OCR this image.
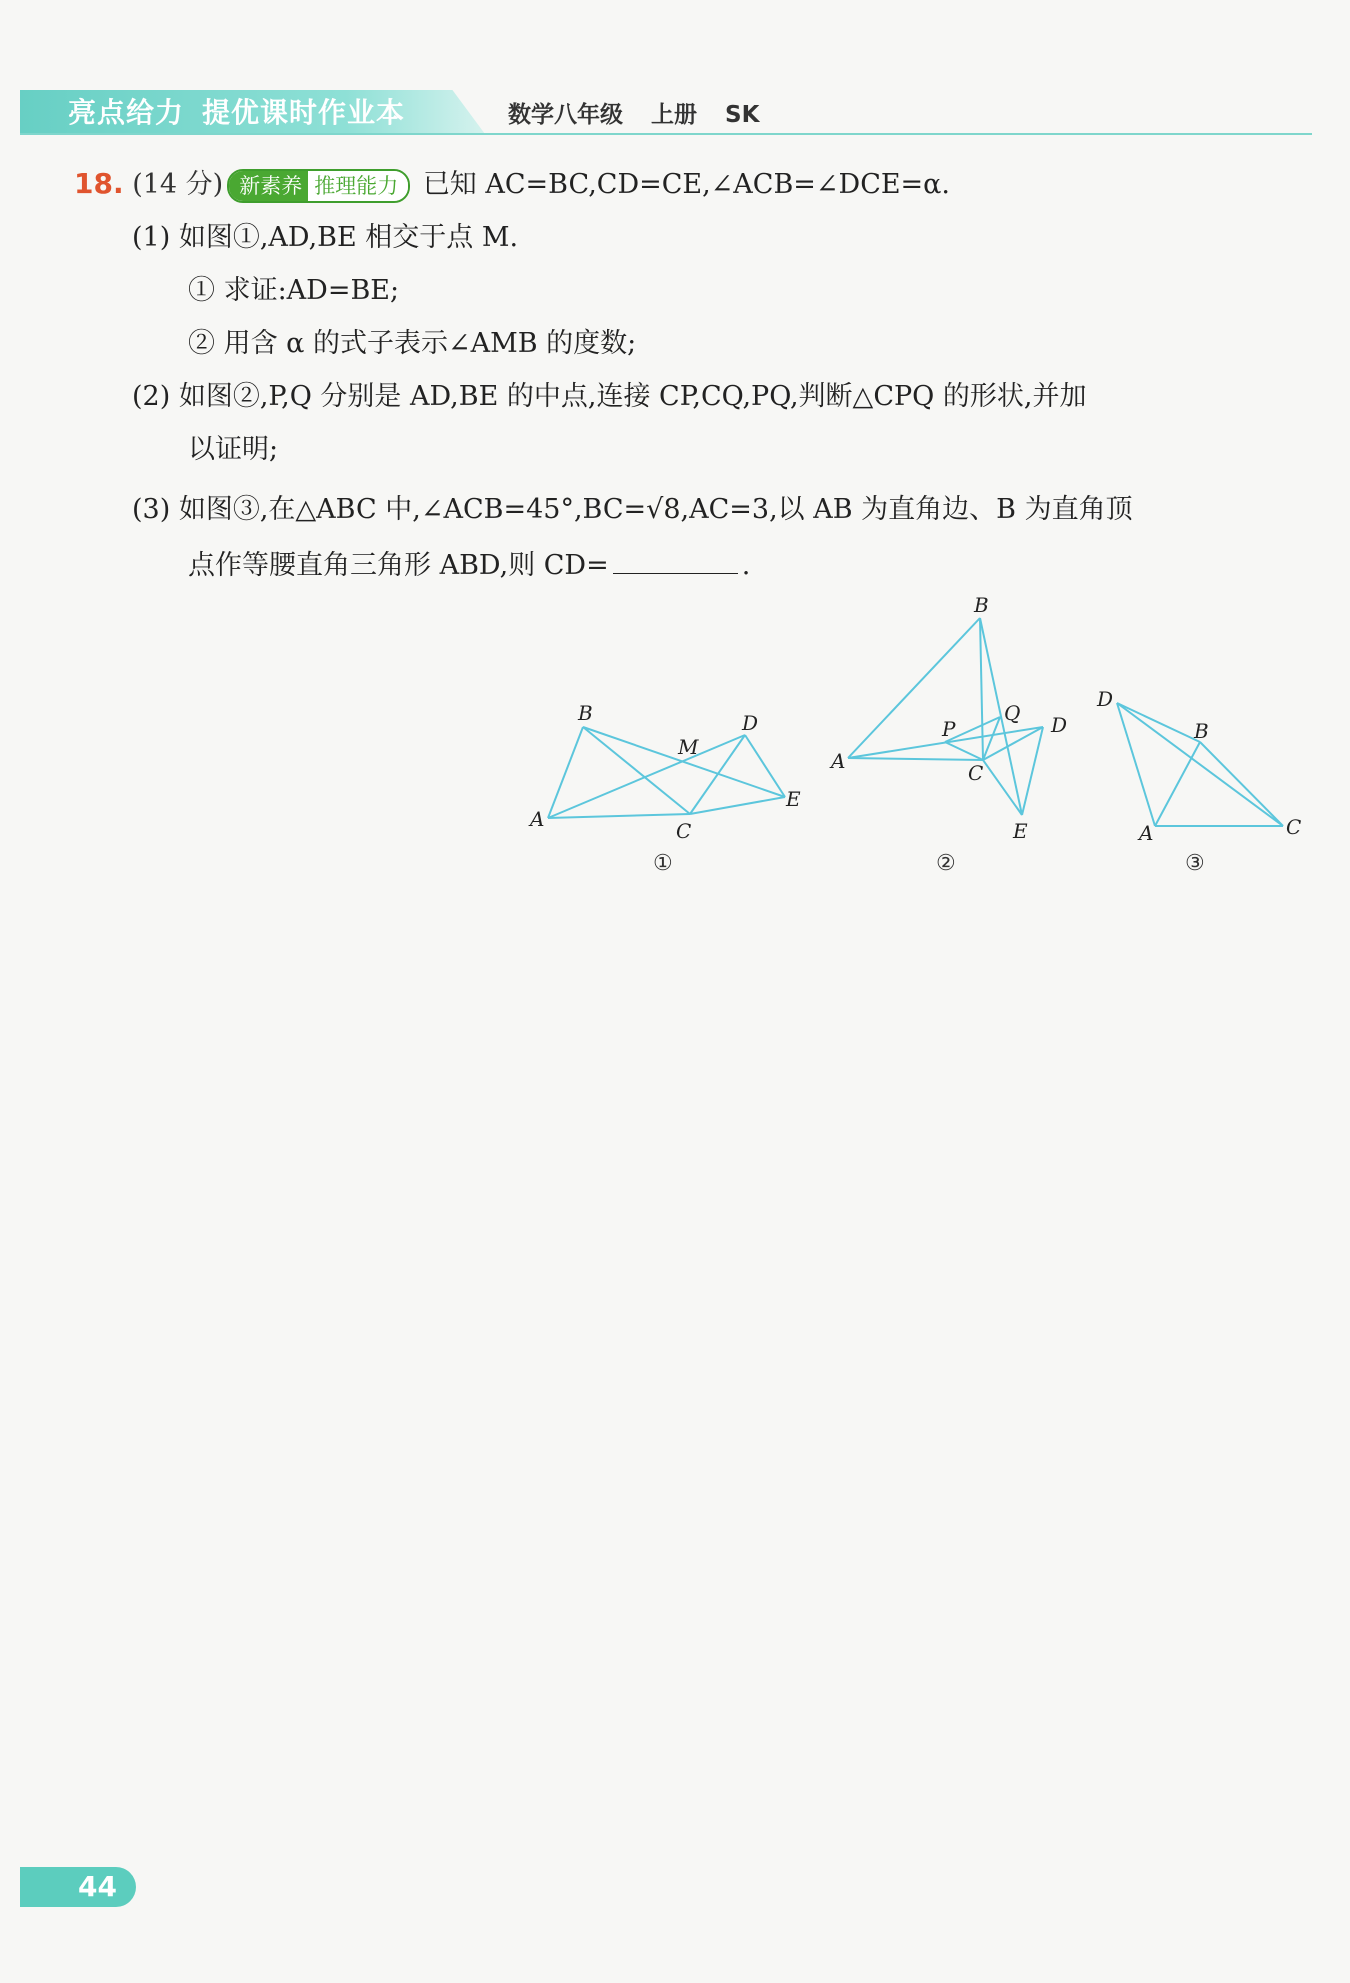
亮点给力 提优课时作业本	数学八年级 上册 SK
18. (14 分) 新素养 推理能力 已知 AC=BC,CD=CE,∠ACB=∠DCE=α.
(1) 如图①,AD,BE 相交于点 M.
① 求证:AD=BE;
② 用含 α 的式子表示∠AMB 的度数;
(2) 如图②,P,Q 分别是 AD,BE 的中点,连接 CP,CQ,PQ,判断△CPQ 的形状,并加
以证明;
(3) 如图③,在△ABC 中,∠ACB=45°,BC=√8,AC=3,以 AB 为直角边、B 为直角顶
点作等腰直角三角形 ABD,则 CD=	.
A
B
C
D
E
M
①
A
B
C
D
E
P
Q
②
A
B
C
D
③
44
